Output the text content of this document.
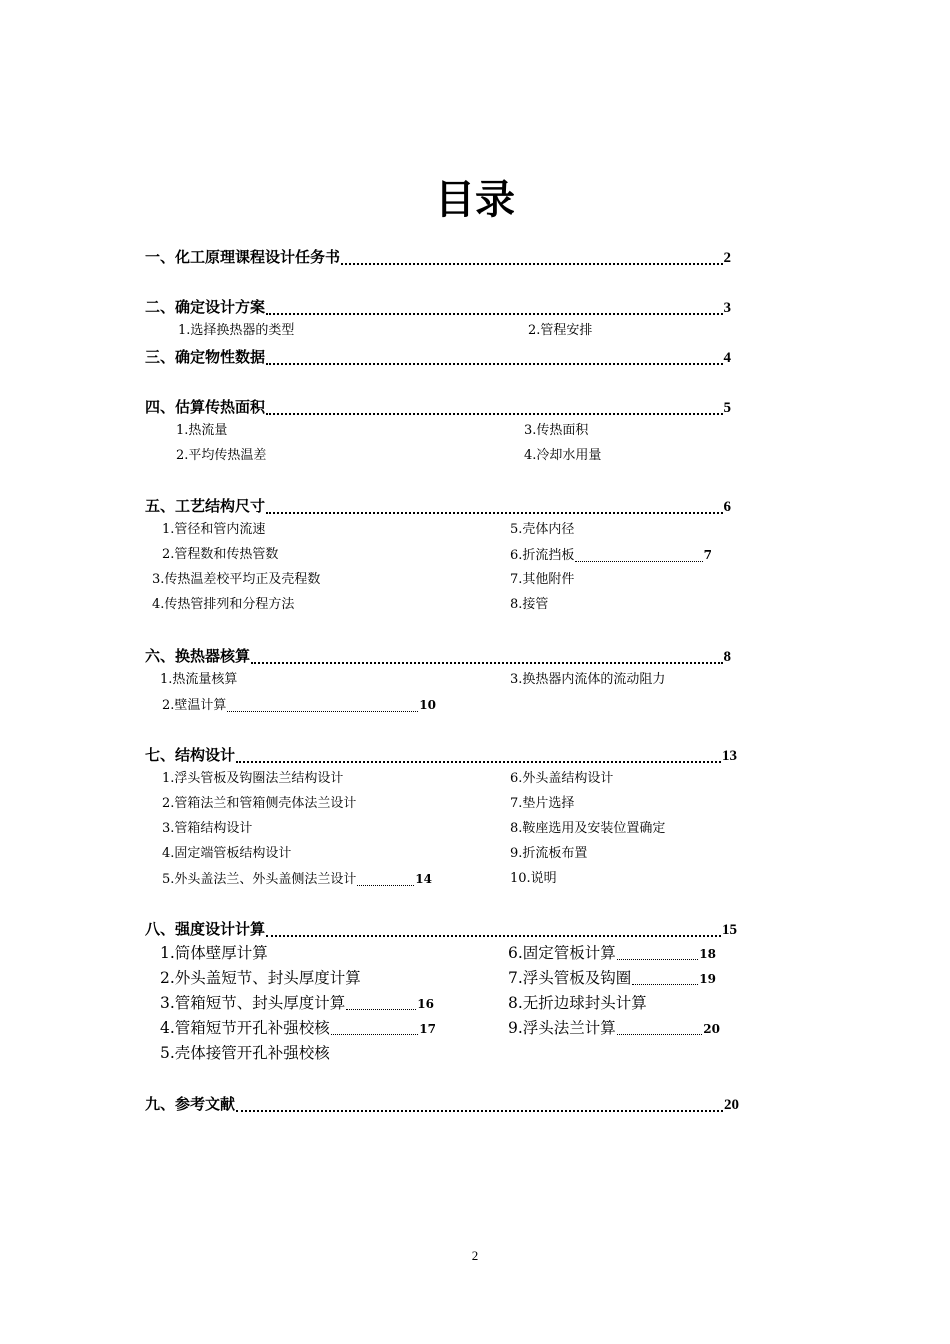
目录
一、化工原理课程设计任务书	2
二、确定设计方案	3
1.选择换热器的类型	2.管程安排
三、确定物性数据	4
四、估算传热面积	5
1.热流量	3.传热面积
2.平均传热温差	4.冷却水用量
五、工艺结构尺寸	6
1.管径和管内流速	5.壳体内径
2.管程数和传热管数	6.折流挡板	7
3.传热温差校平均正及壳程数	7.其他附件
4.传热管排列和分程方法	8.接管
六、换热器核算	8
1.热流量核算	3.换热器内流体的流动阻力
2.壁温计算	10
七、结构设计	13
1.浮头管板及钩圈法兰结构设计	6.外头盖结构设计
2.管箱法兰和管箱侧壳体法兰设计	7.垫片选择
3.管箱结构设计	8.鞍座选用及安装位置确定
4.固定端管板结构设计	9.折流板布置
5.外头盖法兰、外头盖侧法兰设计	14	10.说明
八、强度设计计算	15
1.筒体壁厚计算	6.固定管板计算	18
2.外头盖短节、封头厚度计算	7.浮头管板及钩圈	19
3.管箱短节、封头厚度计算	16	8.无折边球封头计算
4.管箱短节开孔补强校核	17	9.浮头法兰计算	20
5.壳体接管开孔补强校核
九、参考文献	20
2
